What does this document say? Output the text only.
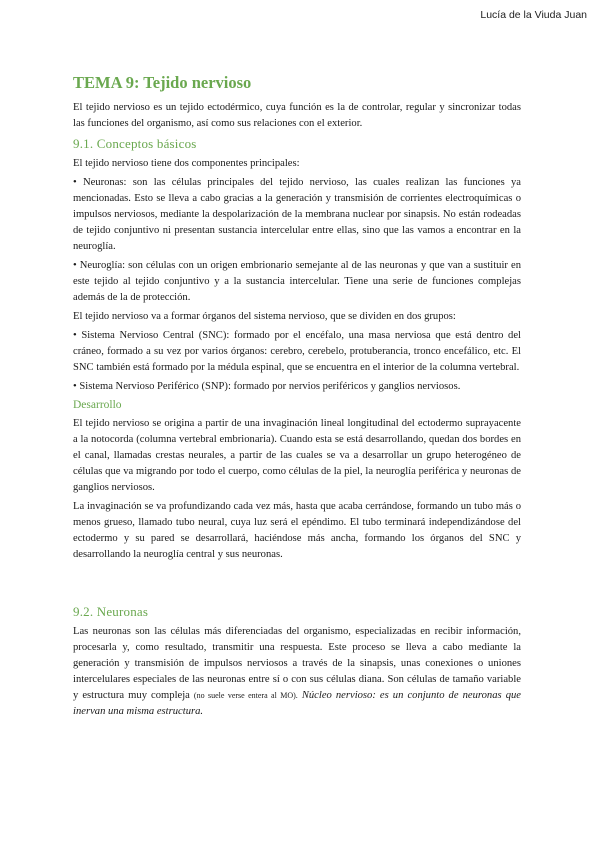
Lucía de la Viuda Juan
TEMA 9: Tejido nervioso

El tejido nervioso es un tejido ectodérmico, cuya función es la de controlar, regular y sincronizar todas las funciones del organismo, así como sus relaciones con el exterior.

9.1. Conceptos básicos

El tejido nervioso tiene dos componentes principales:

• Neuronas: son las células principales del tejido nervioso, las cuales realizan las funciones ya mencionadas. Esto se lleva a cabo gracias a la generación y transmisión de corrientes electroquímicas o impulsos nerviosos, mediante la despolarización de la membrana nuclear por sinapsis. No están rodeadas de tejido conjuntivo ni presentan sustancia intercelular entre ellas, sino que las vamos a encontrar en la neuroglía.

• Neuroglía: son células con un origen embrionario semejante al de las neuronas y que van a sustituir en este tejido al tejido conjuntivo y a la sustancia intercelular. Tiene una serie de funciones complejas además de la de protección.

El tejido nervioso va a formar órganos del sistema nervioso, que se dividen en dos grupos:

• Sistema Nervioso Central (SNC): formado por el encéfalo, una masa nerviosa que está dentro del cráneo, formado a su vez por varios órganos: cerebro, cerebelo, protuberancia, tronco encefálico, etc. El SNC también está formado por la médula espinal, que se encuentra en el interior de la columna vertebral.

• Sistema Nervioso Periférico (SNP): formado por nervios periféricos y ganglios nerviosos.

Desarrollo

El tejido nervioso se origina a partir de una invaginación lineal longitudinal del ectodermo suprayacente a la notocorda (columna vertebral embrionaria). Cuando esta se está desarrollando, quedan dos bordes en el canal, llamadas crestas neurales, a partir de las cuales se va a desarrollar un grupo heterogéneo de células que va migrando por todo el cuerpo, como células de la piel, la neuroglía periférica y neuronas de ganglios nerviosos.

La invaginación se va profundizando cada vez más, hasta que acaba cerrándose, formando un tubo más o menos grueso, llamado tubo neural, cuya luz será el epéndimo. El tubo terminará independizándose del ectodermo y su pared se desarrollará, haciéndose más ancha, formando los órganos del SNC y desarrollando la neuroglía central y sus neuronas.

9.2. Neuronas

Las neuronas son las células más diferenciadas del organismo, especializadas en recibir información, procesarla y, como resultado, transmitir una respuesta. Este proceso se lleva a cabo mediante la generación y transmisión de impulsos nerviosos a través de la sinapsis, unas conexiones o uniones intercelulares especiales de las neuronas entre sí o con sus células diana. Son células de tamaño variable y estructura muy compleja (no suele verse entera al MO). Núcleo nervioso: es un conjunto de neuronas que inervan una misma estructura.
